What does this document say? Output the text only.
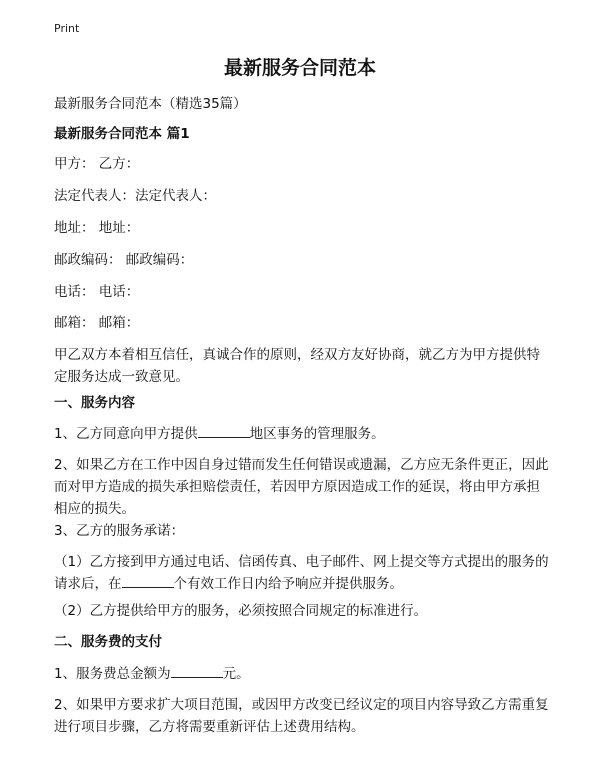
Print
最新服务合同范本

最新服务合同范本（精选35篇）

最新服务合同范本 篇1

甲方： 乙方：

法定代表人：法定代表人：

地址： 地址：

邮政编码： 邮政编码：

电话： 电话：

邮箱： 邮箱：

甲乙双方本着相互信任，真诚合作的原则，经双方友好协商，就乙方为甲方提供特定服务达成一致意见。

一、服务内容

1、乙方同意向甲方提供	地区事务的管理服务。

2、如果乙方在工作中因自身过错而发生任何错误或遗漏，乙方应无条件更正，因此而对甲方造成的损失承担赔偿责任，若因甲方原因造成工作的延误，将由甲方承担相应的损失。

3、乙方的服务承诺：

（1）乙方接到甲方通过电话、信函传真、电子邮件、网上提交等方式提出的服务的请求后，在	个有效工作日内给予响应并提供服务。

（2）乙方提供给甲方的服务，必须按照合同规定的标准进行。

二、服务费的支付

1、服务费总金额为	元。

2、如果甲方要求扩大项目范围，或因甲方改变已经议定的项目内容导致乙方需重复进行项目步骤，乙方将需要重新评估上述费用结构。
